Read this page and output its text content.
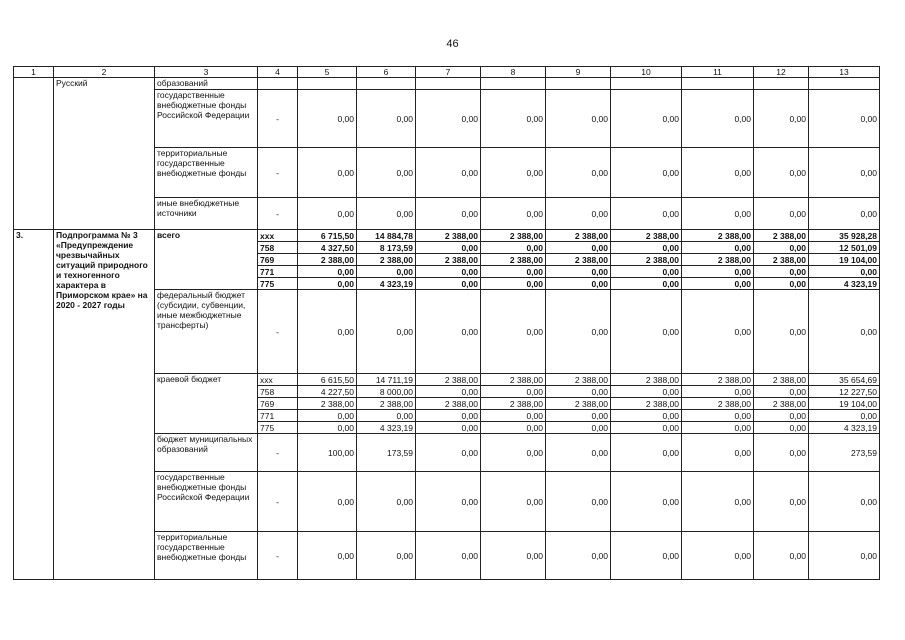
46
1	2	3	4	5	6	7	8	9	10	11	12	13
	Русский	образований										
		государственные внебюджетные фонды Российской Федерации	-	0,00	0,00	0,00	0,00	0,00	0,00	0,00	0,00	0,00
		территориальные государственные внебюджетные фонды	-	0,00	0,00	0,00	0,00	0,00	0,00	0,00	0,00	0,00
		иные внебюджетные источники	-	0,00	0,00	0,00	0,00	0,00	0,00	0,00	0,00	0,00
3.	Подпрограмма № 3 «Предупреждение чрезвычайных ситуаций природного и техногенного характера в Приморском крае» на 2020 - 2027 годы	всего	ххх	6 715,50	14 884,78	2 388,00	2 388,00	2 388,00	2 388,00	2 388,00	2 388,00	35 928,28
			758	4 327,50	8 173,59	0,00	0,00	0,00	0,00	0,00	0,00	12 501,09
			769	2 388,00	2 388,00	2 388,00	2 388,00	2 388,00	2 388,00	2 388,00	2 388,00	19 104,00
			771	0,00	0,00	0,00	0,00	0,00	0,00	0,00	0,00	0,00
			775	0,00	4 323,19	0,00	0,00	0,00	0,00	0,00	0,00	4 323,19
		федеральный бюджет (субсидии, субвенции, иные межбюджетные трансферты)	-	0,00	0,00	0,00	0,00	0,00	0,00	0,00	0,00	0,00
		краевой бюджет	ххх	6 615,50	14 711,19	2 388,00	2 388,00	2 388,00	2 388,00	2 388,00	2 388,00	35 654,69
			758	4 227,50	8 000,00	0,00	0,00	0,00	0,00	0,00	0,00	12 227,50
			769	2 388,00	2 388,00	2 388,00	2 388,00	2 388,00	2 388,00	2 388,00	2 388,00	19 104,00
			771	0,00	0,00	0,00	0,00	0,00	0,00	0,00	0,00	0,00
			775	0,00	4 323,19	0,00	0,00	0,00	0,00	0,00	0,00	4 323,19
		бюджет муниципальных образований	-	100,00	173,59	0,00	0,00	0,00	0,00	0,00	0,00	273,59
		государственные внебюджетные фонды Российской Федерации	-	0,00	0,00	0,00	0,00	0,00	0,00	0,00	0,00	0,00
		территориальные государственные внебюджетные фонды	-	0,00	0,00	0,00	0,00	0,00	0,00	0,00	0,00	0,00
